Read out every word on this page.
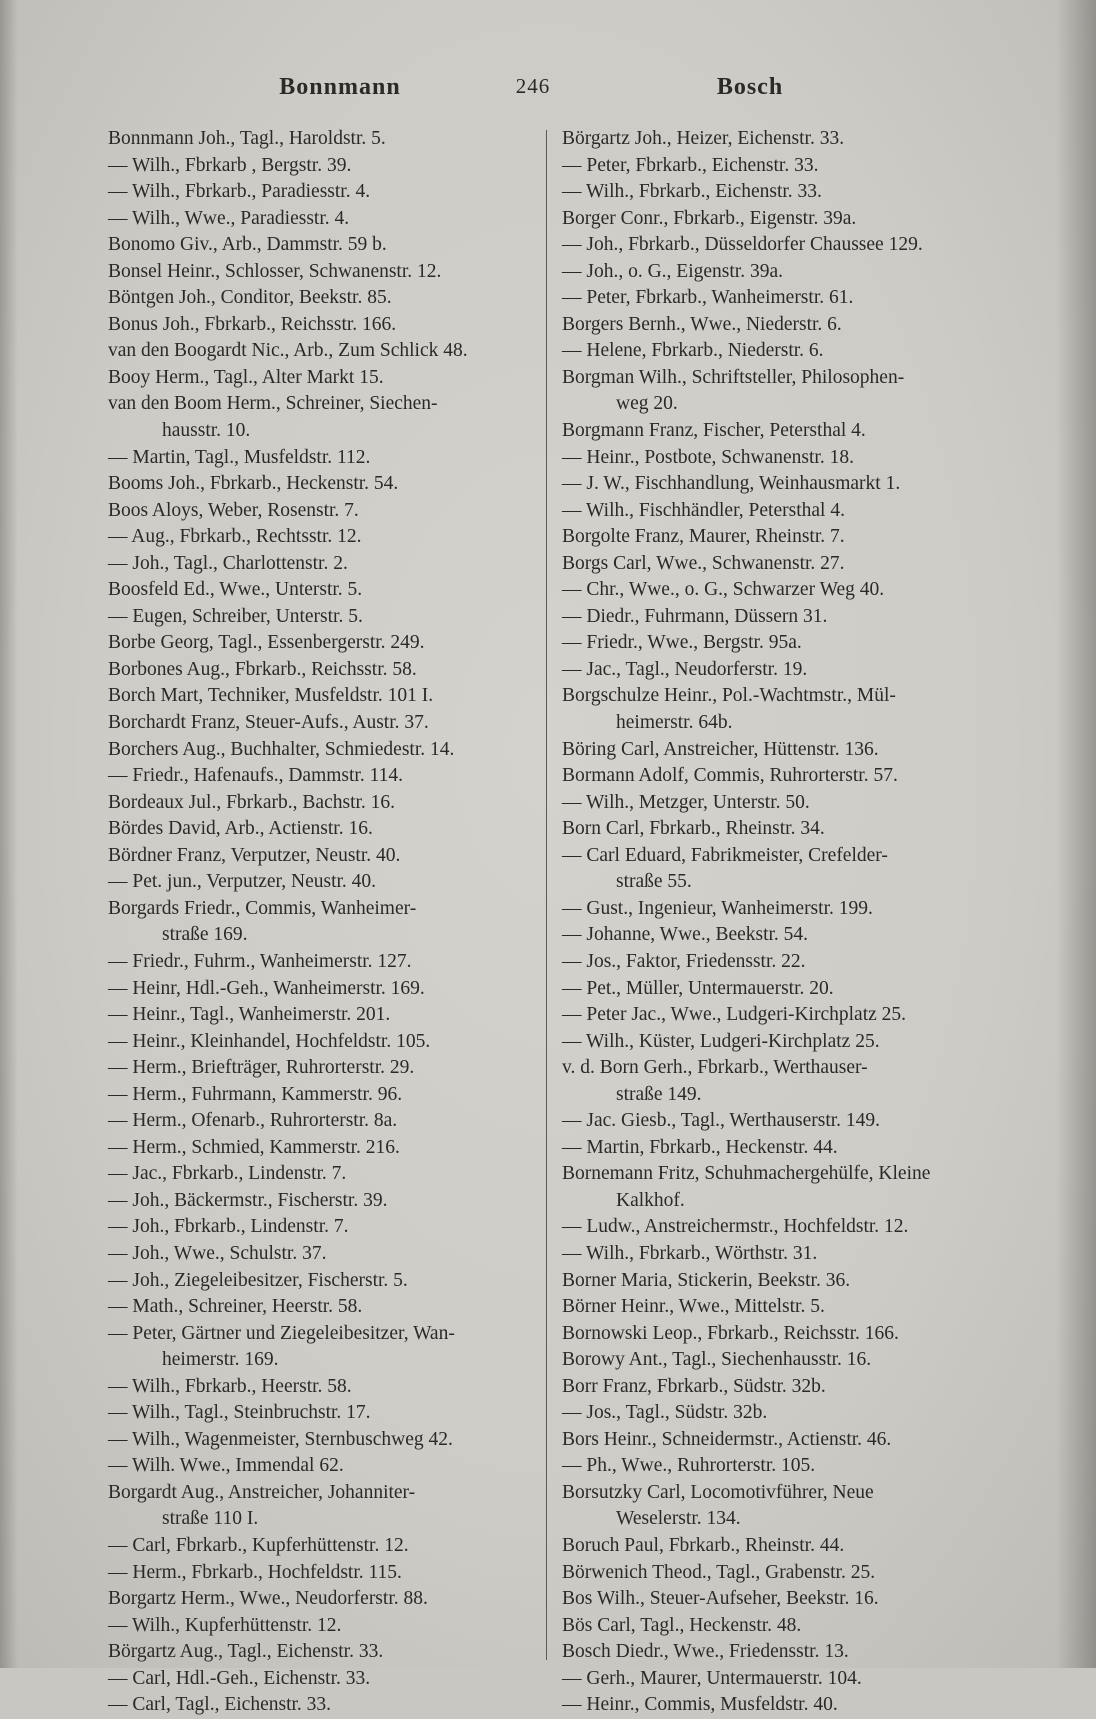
Bonnmann	246	Bosch
Bonnmann Joh., Tagl., Haroldstr. 5.
— Wilh., Fbrkarb , Bergstr. 39.
— Wilh., Fbrkarb., Paradiesstr. 4.
— Wilh., Wwe., Paradiesstr. 4.
Bonomo Giv., Arb., Dammstr. 59 b.
Bonsel Heinr., Schlosser, Schwanenstr. 12.
Böntgen Joh., Conditor, Beekstr. 85.
Bonus Joh., Fbrkarb., Reichsstr. 166.
van den Boogardt Nic., Arb., Zum Schlick 48.
Booy Herm., Tagl., Alter Markt 15.
van den Boom Herm., Schreiner, Siechen-
hausstr. 10.
— Martin, Tagl., Musfeldstr. 112.
Booms Joh., Fbrkarb., Heckenstr. 54.
Boos Aloys, Weber, Rosenstr. 7.
— Aug., Fbrkarb., Rechtsstr. 12.
— Joh., Tagl., Charlottenstr. 2.
Boosfeld Ed., Wwe., Unterstr. 5.
— Eugen, Schreiber, Unterstr. 5.
Borbe Georg, Tagl., Essenbergerstr. 249.
Borbones Aug., Fbrkarb., Reichsstr. 58.
Borch Mart, Techniker, Musfeldstr. 101 I.
Borchardt Franz, Steuer-Aufs., Austr. 37.
Borchers Aug., Buchhalter, Schmiedestr. 14.
— Friedr., Hafenaufs., Dammstr. 114.
Bordeaux Jul., Fbrkarb., Bachstr. 16.
Bördes David, Arb., Actienstr. 16.
Bördner Franz, Verputzer, Neustr. 40.
— Pet. jun., Verputzer, Neustr. 40.
Borgards Friedr., Commis, Wanheimer-
straße 169.
— Friedr., Fuhrm., Wanheimerstr. 127.
— Heinr, Hdl.-Geh., Wanheimerstr. 169.
— Heinr., Tagl., Wanheimerstr. 201.
— Heinr., Kleinhandel, Hochfeldstr. 105.
— Herm., Briefträger, Ruhrorterstr. 29.
— Herm., Fuhrmann, Kammerstr. 96.
— Herm., Ofenarb., Ruhrorterstr. 8a.
— Herm., Schmied, Kammerstr. 216.
— Jac., Fbrkarb., Lindenstr. 7.
— Joh., Bäckermstr., Fischerstr. 39.
— Joh., Fbrkarb., Lindenstr. 7.
— Joh., Wwe., Schulstr. 37.
— Joh., Ziegeleibesitzer, Fischerstr. 5.
— Math., Schreiner, Heerstr. 58.
— Peter, Gärtner und Ziegeleibesitzer, Wan-
heimerstr. 169.
— Wilh., Fbrkarb., Heerstr. 58.
— Wilh., Tagl., Steinbruchstr. 17.
— Wilh., Wagenmeister, Sternbuschweg 42.
— Wilh. Wwe., Immendal 62.
Borgardt Aug., Anstreicher, Johanniter-
straße 110 I.
— Carl, Fbrkarb., Kupferhüttenstr. 12.
— Herm., Fbrkarb., Hochfeldstr. 115.
Borgartz Herm., Wwe., Neudorferstr. 88.
— Wilh., Kupferhüttenstr. 12.
Börgartz Aug., Tagl., Eichenstr. 33.
— Carl, Hdl.-Geh., Eichenstr. 33.
— Carl, Tagl., Eichenstr. 33.
Börgartz Joh., Heizer, Eichenstr. 33.
— Peter, Fbrkarb., Eichenstr. 33.
— Wilh., Fbrkarb., Eichenstr. 33.
Borger Conr., Fbrkarb., Eigenstr. 39a.
— Joh., Fbrkarb., Düsseldorfer Chaussee 129.
— Joh., o. G., Eigenstr. 39a.
— Peter, Fbrkarb., Wanheimerstr. 61.
Borgers Bernh., Wwe., Niederstr. 6.
— Helene, Fbrkarb., Niederstr. 6.
Borgman Wilh., Schriftsteller, Philosophen-
weg 20.
Borgmann Franz, Fischer, Petersthal 4.
— Heinr., Postbote, Schwanenstr. 18.
— J. W., Fischhandlung, Weinhausmarkt 1.
— Wilh., Fischhändler, Petersthal 4.
Borgolte Franz, Maurer, Rheinstr. 7.
Borgs Carl, Wwe., Schwanenstr. 27.
— Chr., Wwe., o. G., Schwarzer Weg 40.
— Diedr., Fuhrmann, Düssern 31.
— Friedr., Wwe., Bergstr. 95a.
— Jac., Tagl., Neudorferstr. 19.
Borgschulze Heinr., Pol.-Wachtmstr., Mül-
heimerstr. 64b.
Böring Carl, Anstreicher, Hüttenstr. 136.
Bormann Adolf, Commis, Ruhrorterstr. 57.
— Wilh., Metzger, Unterstr. 50.
Born Carl, Fbrkarb., Rheinstr. 34.
— Carl Eduard, Fabrikmeister, Crefelder-
straße 55.
— Gust., Ingenieur, Wanheimerstr. 199.
— Johanne, Wwe., Beekstr. 54.
— Jos., Faktor, Friedensstr. 22.
— Pet., Müller, Untermauerstr. 20.
— Peter Jac., Wwe., Ludgeri-Kirchplatz 25.
— Wilh., Küster, Ludgeri-Kirchplatz 25.
v. d. Born Gerh., Fbrkarb., Werthauser-
straße 149.
— Jac. Giesb., Tagl., Werthauserstr. 149.
— Martin, Fbrkarb., Heckenstr. 44.
Bornemann Fritz, Schuhmachergehülfe, Kleine
Kalkhof.
— Ludw., Anstreichermstr., Hochfeldstr. 12.
— Wilh., Fbrkarb., Wörthstr. 31.
Borner Maria, Stickerin, Beekstr. 36.
Börner Heinr., Wwe., Mittelstr. 5.
Bornowski Leop., Fbrkarb., Reichsstr. 166.
Borowy Ant., Tagl., Siechenhausstr. 16.
Borr Franz, Fbrkarb., Südstr. 32b.
— Jos., Tagl., Südstr. 32b.
Bors Heinr., Schneidermstr., Actienstr. 46.
— Ph., Wwe., Ruhrorterstr. 105.
Borsutzky Carl, Locomotivführer, Neue
Weselerstr. 134.
Boruch Paul, Fbrkarb., Rheinstr. 44.
Börwenich Theod., Tagl., Grabenstr. 25.
Bos Wilh., Steuer-Aufseher, Beekstr. 16.
Bös Carl, Tagl., Heckenstr. 48.
Bosch Diedr., Wwe., Friedensstr. 13.
— Gerh., Maurer, Untermauerstr. 104.
— Heinr., Commis, Musfeldstr. 40.
